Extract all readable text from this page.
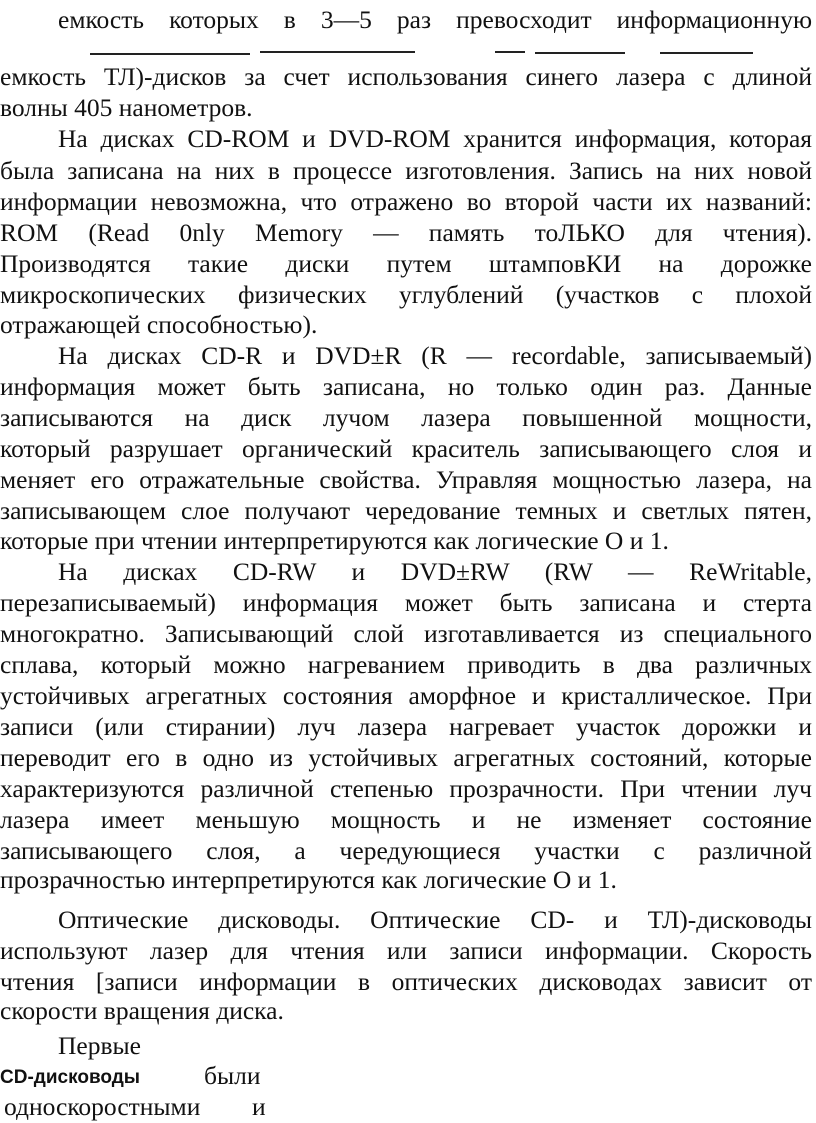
емкость которых в 3—5 раз превосходит информационную
емкость ТЛ)-дисков за счет использования синего лазера с длиной
волны 405 нанометров.
На дисках CD-ROM и DVD-ROM хранится информация, которая
была записана на них в процессе изготовления. Запись на них новой
информации невозможна, что отражено во второй части их названий:
ROM (Read 0nly Memory — память тоЛЬКО для чтения).
Производятся такие диски путем штамповКИ на дорожке
микроскопических физических углублений (участков с плохой
отражающей способностью).
На дисках CD-R и DVD±R (R — recordable, записываемый)
информация может быть записана, но только один раз. Данные
записываются на диск лучом лазера повышенной мощности,
который разрушает органический краситель записывающего слоя и
меняет его отражательные свойства. Управляя мощностью лазера, на
записывающем слое получают чередование темных и светлых пятен,
которые при чтении интерпретируются как логические О и 1.
На дисках CD-RW и DVD±RW (RW — ReWritable,
перезаписываемый) информация может быть записана и стерта
многократно. Записывающий слой изготавливается из специального
сплава, который можно нагреванием приводить в два различных
устойчивых агрегатных состояния аморфное и кристаллическое. При
записи (или стирании) луч лазера нагревает участок дорожки и
переводит его в одно из устойчивых агрегатных состояний, которые
характеризуются различной степенью прозрачности. При чтении луч
лазера имеет меньшую мощность и не изменяет состояние
записывающего слоя, а чередующиеся участки с различной
прозрачностью интерпретируются как логические О и 1.
Оптические дисководы. Оптические CD- и ТЛ)-дисководы
используют лазер для чтения или записи информации. Скорость
чтения [записи информации в оптических дисководах зависит от
скорости вращения диска.
Первые
CD-дисководы	были
односкоростными и
